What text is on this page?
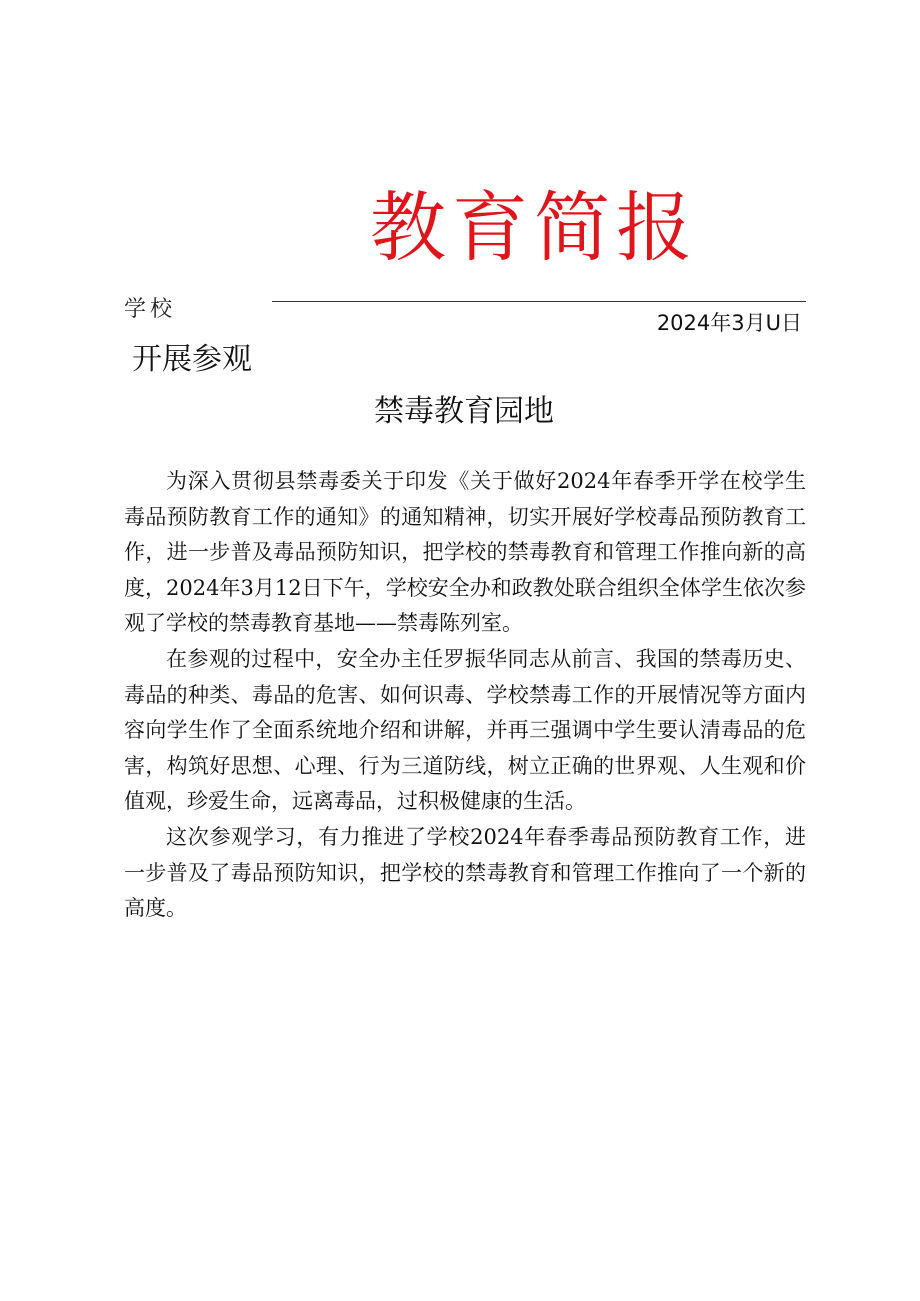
教育简报
学校
2024年3月U日
开展参观
禁毒教育园地

为深入贯彻县禁毒委关于印发《关于做好2024年春季开学在校学生毒品预防教育工作的通知》的通知精神，切实开展好学校毒品预防教育工作，进一步普及毒品预防知识，把学校的禁毒教育和管理工作推向新的高度，2024年3月12日下午，学校安全办和政教处联合组织全体学生依次参观了学校的禁毒教育基地——禁毒陈列室。

在参观的过程中，安全办主任罗振华同志从前言、我国的禁毒历史、毒品的种类、毒品的危害、如何识毒、学校禁毒工作的开展情况等方面内容向学生作了全面系统地介绍和讲解，并再三强调中学生要认清毒品的危害，构筑好思想、心理、行为三道防线，树立正确的世界观、人生观和价值观，珍爱生命，远离毒品，过积极健康的生活。

这次参观学习，有力推进了学校2024年春季毒品预防教育工作，进一步普及了毒品预防知识，把学校的禁毒教育和管理工作推向了一个新的高度。
